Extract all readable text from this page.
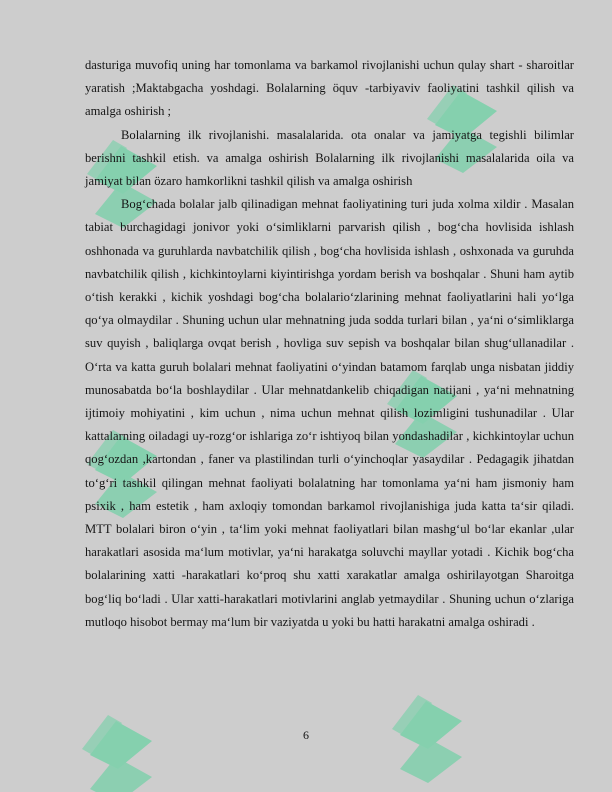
dasturiga muvofiq uning har tomonlama va barkamol rivojlanishi uchun qulay shart - sharoitlar yaratish ;Maktabgacha yoshdagi. Bolalarning öquv -tarbiyaviv faoliyatini tashkil qilish va amalga oshirish ;

Bolalarning ilk rivojlanishi. masalalarida. ota onalar va jamiyatga tegishli bilimlar berishni tashkil etish. va amalga oshirish Bolalarning ilk rivojlanishi masalalarida oila va jamiyat bilan özaro hamkorlikni tashkil qilish va amalga oshirish

Bog‘chada bolalar jalb qilinadigan mehnat faoliyatining turi juda xolma xildir . Masalan tabiat burchagidagi jonivor yoki o‘simliklarni parvarish qilish , bog‘cha hovlisida ishlash oshhonada va guruhlarda navbatchilik qilish , bog‘cha hovlisida ishlash , oshxonada va guruhda navbatchilik qilish , kichkintoylarni kiyintirishga yordam berish va boshqalar . Shuni ham aytib o‘tish kerakki , kichik yoshdagi bog‘cha bolalario‘zlarining mehnat faoliyatlarini hali yo‘lga qo‘ya olmaydilar . Shuning uchun ular mehnatning juda sodda turlari bilan , ya‘ni o‘simliklarga suv quyish , baliqlarga ovqat berish , hovliga suv sepish va boshqalar bilan shug‘ullanadilar . O‘rta va katta guruh bolalari mehnat faoliyatini o‘yindan batamom farqlab unga nisbatan jiddiy munosabatda bo‘la boshlaydilar . Ular mehnatdankelib chiqadigan natijani , ya‘ni mehnatning ijtimoiy mohiyatini , kim uchun , nima uchun mehnat qilish lozimligini tushunadilar . Ular kattalarning oiladagi uy-rozg‘or ishlariga zo‘r ishtiyoq bilan yondashadilar , kichkintoylar uchun qog‘ozdan ,kartondan , faner va plastilindan turli o‘yinchoqlar yasaydilar . Pedagagik jihatdan to‘g‘ri tashkil qilingan mehnat faoliyati bolalatning har tomonlama ya‘ni ham jismoniy ham psixik , ham estetik , ham axloqiy tomondan barkamol rivojlanishiga juda katta ta‘sir qiladi. MTT bolalari biron o‘yin , ta‘lim yoki mehnat faoliyatlari bilan mashg‘ul bo‘lar ekanlar ,ular harakatlari asosida ma‘lum motivlar, ya‘ni harakatga soluvchi mayllar yotadi . Kichik bog‘cha bolalarining xatti -harakatlari ko‘proq shu xatti xarakatlar amalga oshirilayotgan Sharoitga bog‘liq bo‘ladi . Ular xatti-harakatlari motivlarini anglab yetmaydilar . Shuning uchun o‘zlariga mutloqo hisobot bermay ma‘lum bir vaziyatda u yoki bu hatti harakatni amalga oshiradi .

6
